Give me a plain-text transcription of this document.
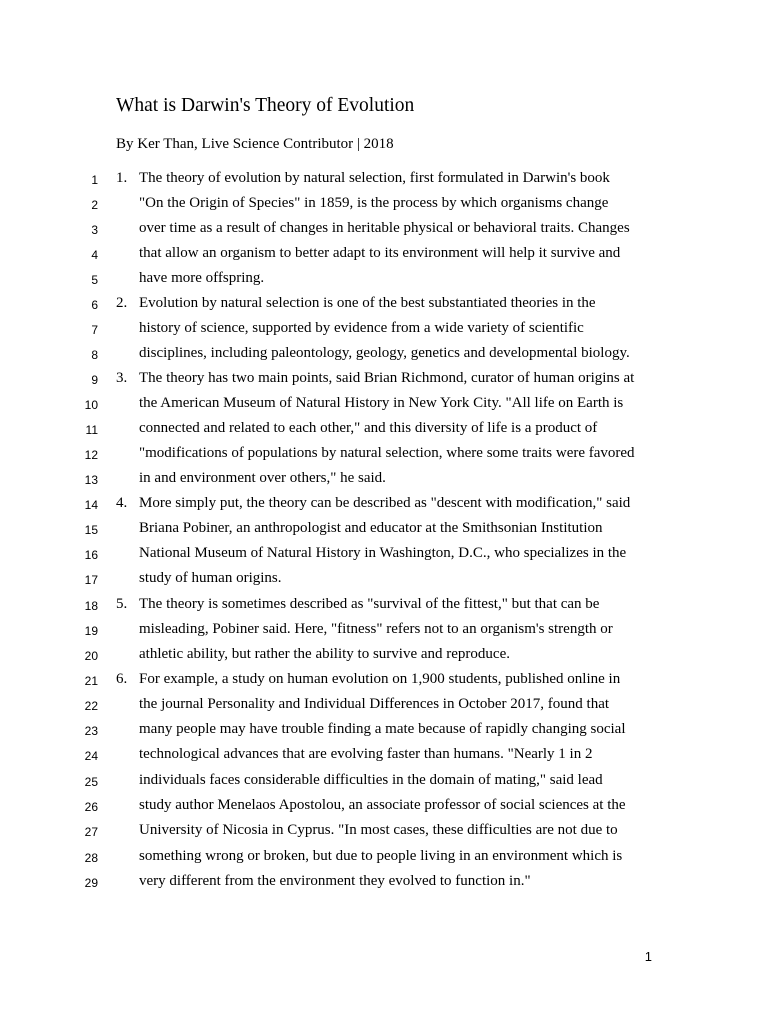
What is Darwin's Theory of Evolution
By Ker Than, Live Science Contributor | 2018
1 1. The theory of evolution by natural selection, first formulated in Darwin's book
2	"On the Origin of Species" in 1859, is the process by which organisms change
3	over time as a result of changes in heritable physical or behavioral traits. Changes
4	that allow an organism to better adapt to its environment will help it survive and
5	have more offspring.
6 2. Evolution by natural selection is one of the best substantiated theories in the
7	history of science, supported by evidence from a wide variety of scientific
8	disciplines, including paleontology, geology, genetics and developmental biology.
9 3. The theory has two main points, said Brian Richmond, curator of human origins at
10	the American Museum of Natural History in New York City. "All life on Earth is
11	connected and related to each other," and this diversity of life is a product of
12	"modifications of populations by natural selection, where some traits were favored
13	in and environment over others," he said.
14 4. More simply put, the theory can be described as "descent with modification," said
15	Briana Pobiner, an anthropologist and educator at the Smithsonian Institution
16	National Museum of Natural History in Washington, D.C., who specializes in the
17	study of human origins.
18 5. The theory is sometimes described as "survival of the fittest," but that can be
19	misleading, Pobiner said. Here, "fitness" refers not to an organism's strength or
20	athletic ability, but rather the ability to survive and reproduce.
21 6. For example, a study on human evolution on 1,900 students, published online in
22	the journal Personality and Individual Differences in October 2017, found that
23	many people may have trouble finding a mate because of rapidly changing social
24	technological advances that are evolving faster than humans. "Nearly 1 in 2
25	individuals faces considerable difficulties in the domain of mating," said lead
26	study author Menelaos Apostolou, an associate professor of social sciences at the
27	University of Nicosia in Cyprus. "In most cases, these difficulties are not due to
28	something wrong or broken, but due to people living in an environment which is
29	very different from the environment they evolved to function in."
1
